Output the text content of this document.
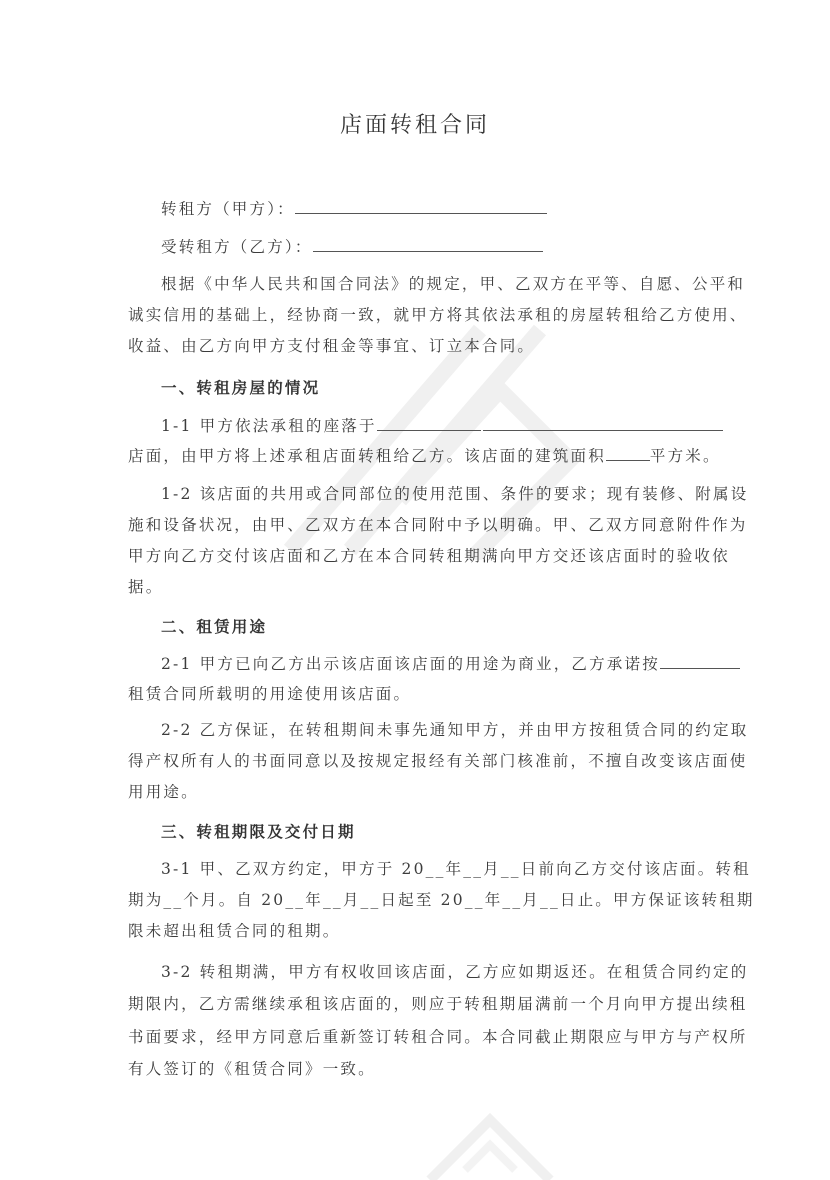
店面转租合同
转租方（甲方）：
受转租方（乙方）：
根据《中华人民共和国合同法》的规定，甲、乙双方在平等、自愿、公平和
诚实信用的基础上，经协商一致，就甲方将其依法承租的房屋转租给乙方使用、
收益、由乙方向甲方支付租金等事宜、订立本合同。
一、转租房屋的情况
1-1 甲方依法承租的座落于
店面，由甲方将上述承租店面转租给乙方。该店面的建筑面积	平方米。
1-2 该店面的共用或合同部位的使用范围、条件的要求；现有装修、附属设
施和设备状况，由甲、乙双方在本合同附中予以明确。甲、乙双方同意附件作为
甲方向乙方交付该店面和乙方在本合同转租期满向甲方交还该店面时的验收依
据。
二、租赁用途
2-1 甲方已向乙方出示该店面该店面的用途为商业，乙方承诺按
租赁合同所载明的用途使用该店面。
2-2 乙方保证，在转租期间未事先通知甲方，并由甲方按租赁合同的约定取
得产权所有人的书面同意以及按规定报经有关部门核准前，不擅自改变该店面使
用用途。
三、转租期限及交付日期
3-1 甲、乙双方约定，甲方于 20__年__月__日前向乙方交付该店面。转租
期为__个月。自 20__年__月__日起至 20__年__月__日止。甲方保证该转租期
限未超出租赁合同的租期。
3-2 转租期满，甲方有权收回该店面，乙方应如期返还。在租赁合同约定的
期限内，乙方需继续承租该店面的，则应于转租期届满前一个月向甲方提出续租
书面要求，经甲方同意后重新签订转租合同。本合同截止期限应与甲方与产权所
有人签订的《租赁合同》一致。
